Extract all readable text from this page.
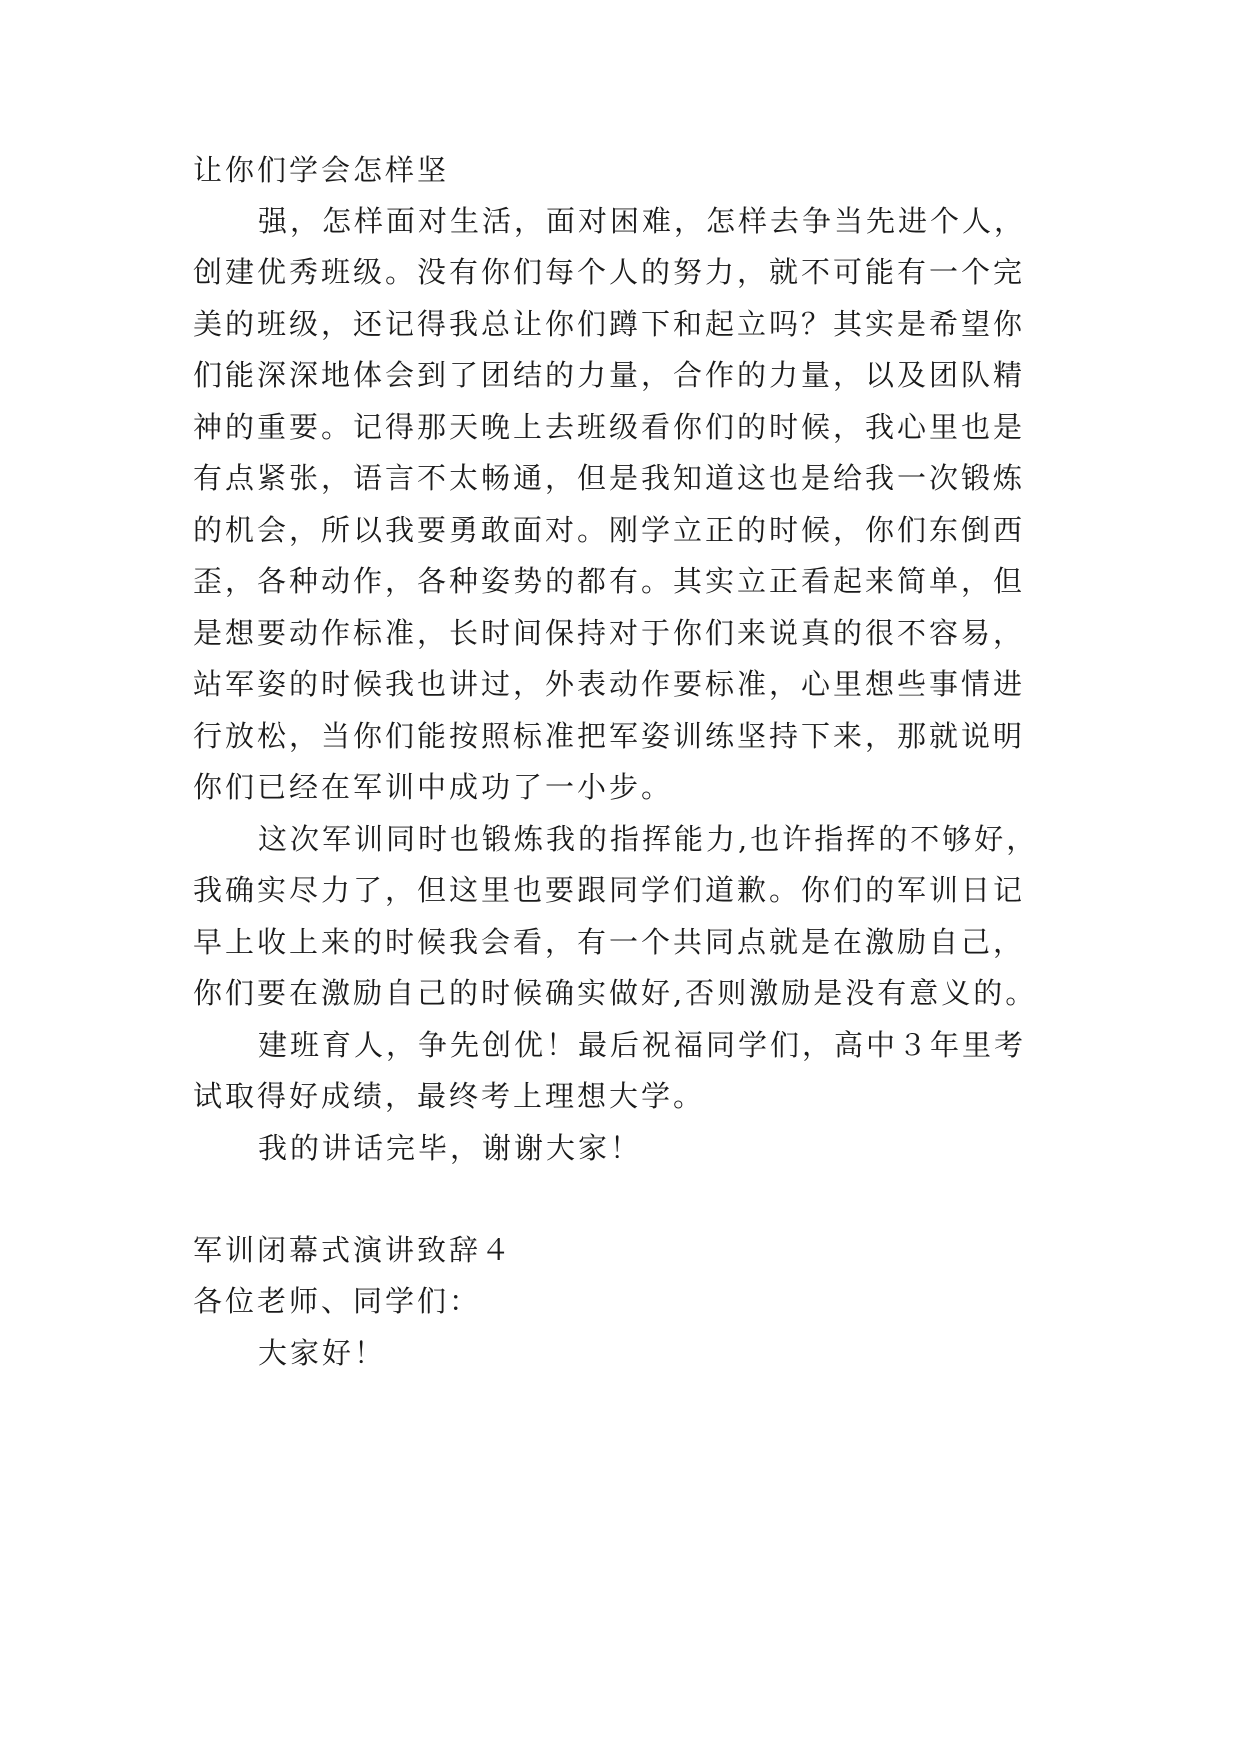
让你们学会怎样坚

强，怎样面对生活，面对困难，怎样去争当先进个人，

创建优秀班级。没有你们每个人的努力，就不可能有一个完

美的班级，还记得我总让你们蹲下和起立吗？其实是希望你

们能深深地体会到了团结的力量，合作的力量，以及团队精

神的重要。记得那天晚上去班级看你们的时候，我心里也是

有点紧张，语言不太畅通，但是我知道这也是给我一次锻炼

的机会，所以我要勇敢面对。刚学立正的时候，你们东倒西

歪，各种动作，各种姿势的都有。其实立正看起来简单，但

是想要动作标准，长时间保持对于你们来说真的很不容易，

站军姿的时候我也讲过，外表动作要标准，心里想些事情进

行放松，当你们能按照标准把军姿训练坚持下来，那就说明

你们已经在军训中成功了一小步。

这次军训同时也锻炼我的指挥能力,也许指挥的不够好，

我确实尽力了，但这里也要跟同学们道歉。你们的军训日记

早上收上来的时候我会看，有一个共同点就是在激励自己，

你们要在激励自己的时候确实做好,否则激励是没有意义的。

建班育人，争先创优！最后祝福同学们，高中３年里考

试取得好成绩，最终考上理想大学。

我的讲话完毕，谢谢大家！

军训闭幕式演讲致辞４

各位老师、同学们：

大家好！
